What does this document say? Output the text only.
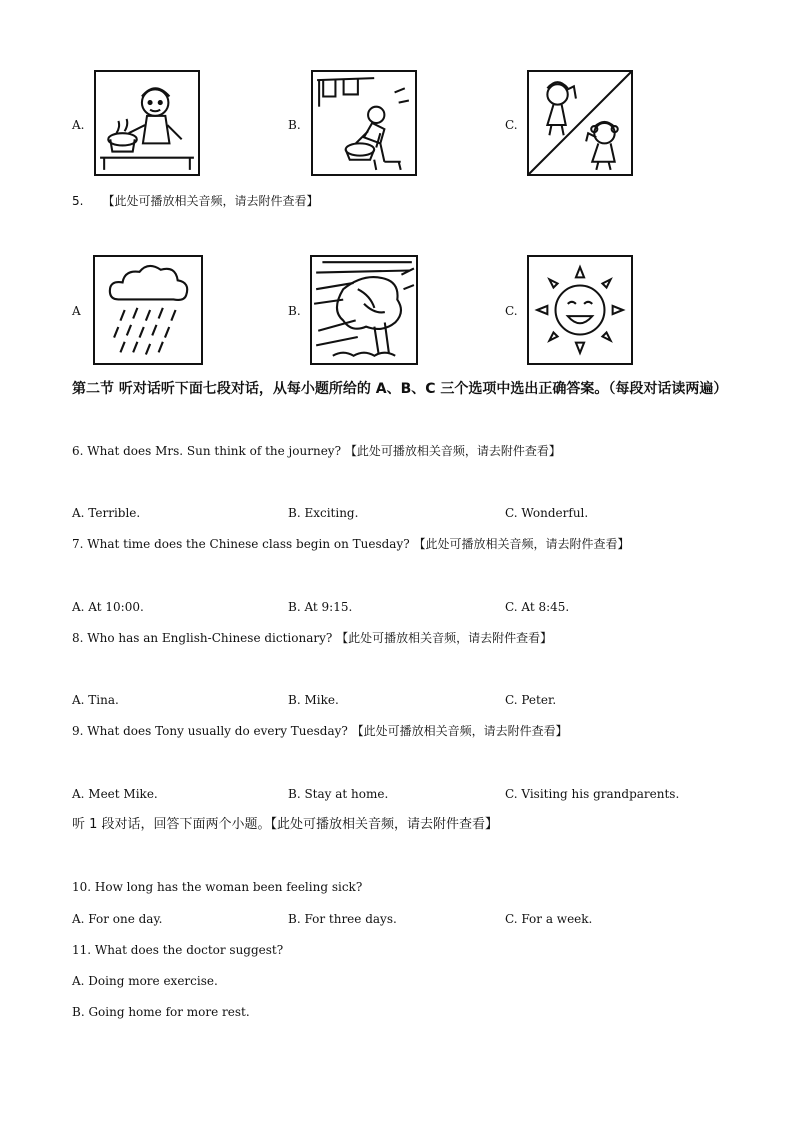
A.	B.	C.
5. 【此处可播放相关音频，请去附件查看】
A	B.	C.
第二节 听对话听下面七段对话，从每小题所给的 A、B、C 三个选项中选出正确答案。（每段对话读两遍）
6. What does Mrs. Sun think of the journey? 【此处可播放相关音频，请去附件查看】
A. Terrible.	B. Exciting.	C. Wonderful.
7. What time does the Chinese class begin on Tuesday? 【此处可播放相关音频，请去附件查看】
A. At 10:00.	B. At 9:15.	C. At 8:45.
8. Who has an English-Chinese dictionary? 【此处可播放相关音频，请去附件查看】
A. Tina.	B. Mike.	C. Peter.
9. What does Tony usually do every Tuesday? 【此处可播放相关音频，请去附件查看】
A. Meet Mike.	B. Stay at home.	C. Visiting his grandparents.
听 1 段对话，回答下面两个小题。【此处可播放相关音频，请去附件查看】
10. How long has the woman been feeling sick?
A. For one day.	B. For three days.	C. For a week.
11. What does the doctor suggest?
A. Doing more exercise.
B. Going home for more rest.
